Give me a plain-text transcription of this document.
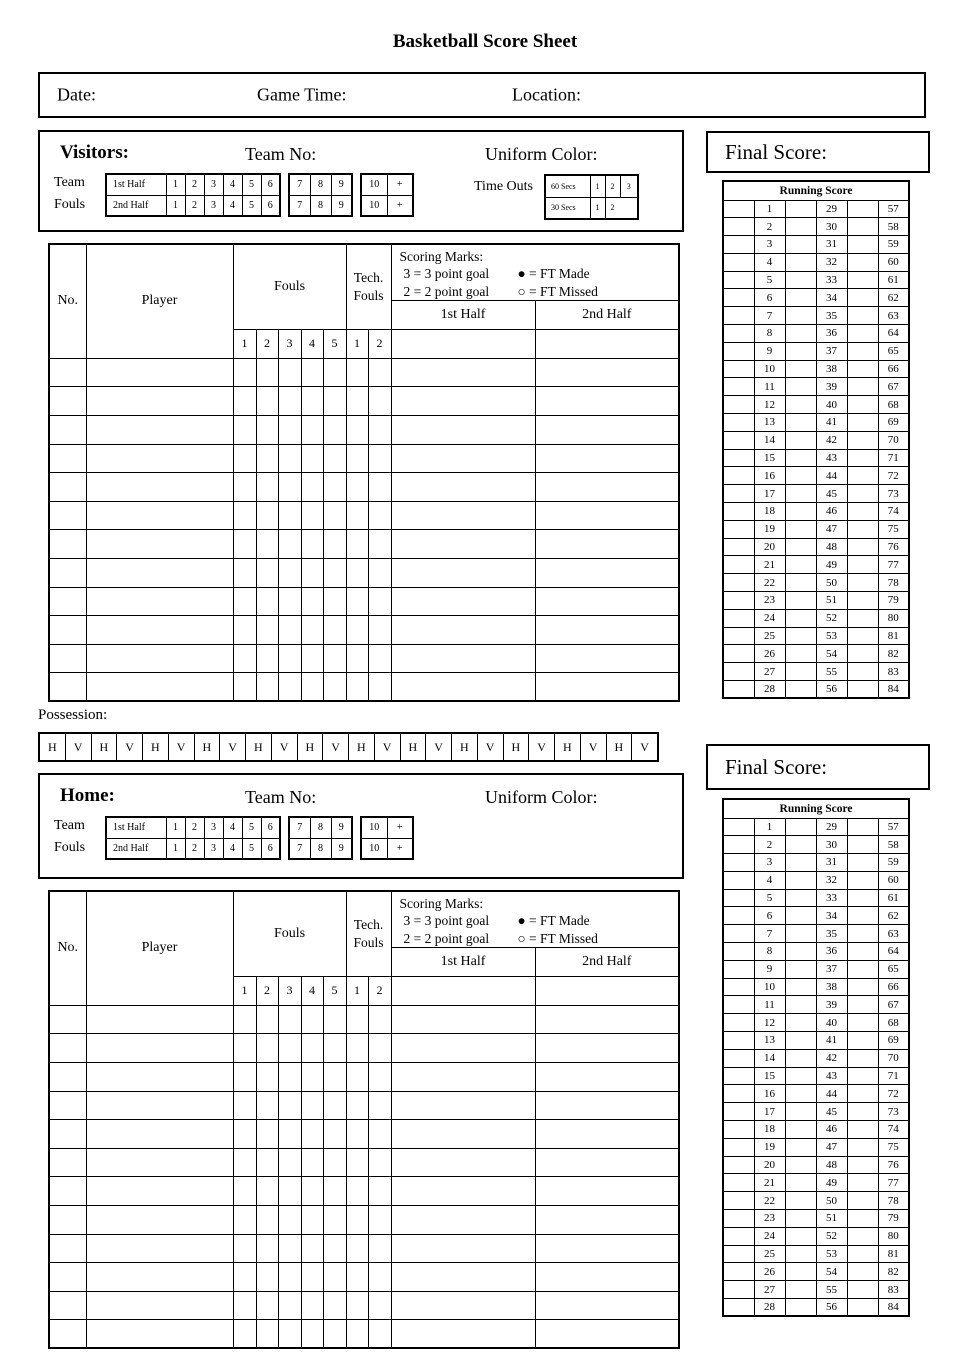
Basketball Score Sheet
Date:	Game Time:	Location:
Visitors:	Team No:	Uniform Color:
Team Fouls
1st Half	1	2	3	4	5	6
2nd Half	1	2	3	4	5	6
7	8	9
7	8	9
10	+
10	+
Time Outs 60 Secs	1	2	3
30 Secs	1	2	
No.	Player	Fouls					Tech. Fouls		Scoring Marks:
3 = 3 point goal ● = FT Made
2 = 2 point goal ○ = FT Missed	

									1st Half	2nd Half
		1	2	3	4	5	1	2		

Possession:
H	V	H	V	H	V	H	V	H	V	H	V	H	V	H	V	H	V	H	V	H	V	H	V
Home:	Team No:	Uniform Color:
Team Fouls
1st Half	1	2	3	4	5	6
2nd Half	1	2	3	4	5	6
7	8	9
7	8	9
10	+
10	+
No.	Player	Fouls					Tech. Fouls		Scoring Marks:
3 = 3 point goal ● = FT Made
2 = 2 point goal ○ = FT Missed	

									1st Half	2nd Half
		1	2	3	4	5	1	2		

Final Score:
Running Score					
	1		29		57
	2		30		58
	3		31		59
	4		32		60
	5		33		61
	6		34		62
	7		35		63
	8		36		64
	9		37		65
	10		38		66
	11		39		67
	12		40		68
	13		41		69
	14		42		70
	15		43		71
	16		44		72
	17		45		73
	18		46		74
	19		47		75
	20		48		76
	21		49		77
	22		50		78
	23		51		79
	24		52		80
	25		53		81
	26		54		82
	27		55		83
	28		56		84
Final Score:
Running Score					
	1		29		57
	2		30		58
	3		31		59
	4		32		60
	5		33		61
	6		34		62
	7		35		63
	8		36		64
	9		37		65
	10		38		66
	11		39		67
	12		40		68
	13		41		69
	14		42		70
	15		43		71
	16		44		72
	17		45		73
	18		46		74
	19		47		75
	20		48		76
	21		49		77
	22		50		78
	23		51		79
	24		52		80
	25		53		81
	26		54		82
	27		55		83
	28		56		84
